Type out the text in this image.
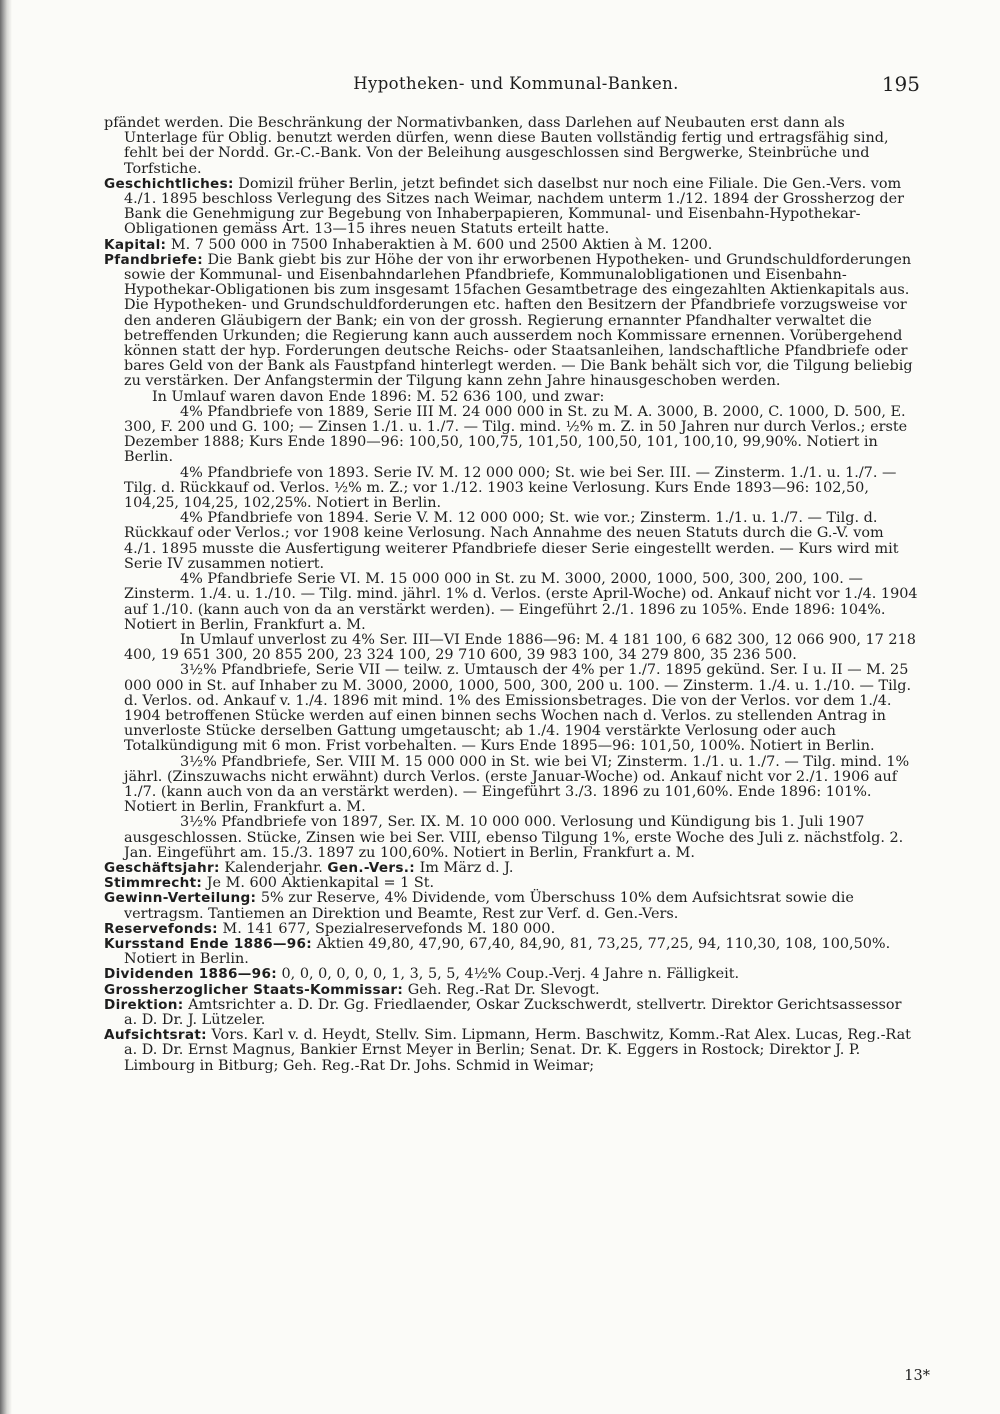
Hypotheken- und Kommunal-Banken.	195

pfändet werden. Die Beschränkung der Normativbanken, dass Darlehen auf Neubauten erst dann als Unterlage für Oblig. benutzt werden dürfen, wenn diese Bauten vollständig fertig und ertragsfähig sind, fehlt bei der Nordd. Gr.-C.-Bank. Von der Beleihung ausgeschlossen sind Bergwerke, Steinbrüche und Torfstiche.

Geschichtliches: Domizil früher Berlin, jetzt befindet sich daselbst nur noch eine Filiale. Die Gen.-Vers. vom 4./1. 1895 beschloss Verlegung des Sitzes nach Weimar, nachdem unterm 1./12. 1894 der Grossherzog der Bank die Genehmigung zur Begebung von Inhaberpapieren, Kommunal- und Eisenbahn-Hypothekar-Obligationen gemäss Art. 13—15 ihres neuen Statuts erteilt hatte.

Kapital: M. 7 500 000 in 7500 Inhaberaktien à M. 600 und 2500 Aktien à M. 1200.

Pfandbriefe: Die Bank giebt bis zur Höhe der von ihr erworbenen Hypotheken- und Grundschuldforderungen sowie der Kommunal- und Eisenbahndarlehen Pfandbriefe, Kommunalobligationen und Eisenbahn-Hypothekar-Obligationen bis zum insgesamt 15fachen Gesamtbetrage des eingezahlten Aktienkapitals aus. Die Hypotheken- und Grundschuldforderungen etc. haften den Besitzern der Pfandbriefe vorzugsweise vor den anderen Gläubigern der Bank; ein von der grossh. Regierung ernannter Pfandhalter verwaltet die betreffenden Urkunden; die Regierung kann auch ausserdem noch Kommissare ernennen. Vorübergehend können statt der hyp. Forderungen deutsche Reichs- oder Staatsanleihen, landschaftliche Pfandbriefe oder bares Geld von der Bank als Faustpfand hinterlegt werden. — Die Bank behält sich vor, die Tilgung beliebig zu verstärken. Der Anfangstermin der Tilgung kann zehn Jahre hinausgeschoben werden.

In Umlauf waren davon Ende 1896: M. 52 636 100, und zwar:

4% Pfandbriefe von 1889, Serie III M. 24 000 000 in St. zu M. A. 3000, B. 2000, C. 1000, D. 500, E. 300, F. 200 und G. 100; — Zinsen 1./1. u. 1./7. — Tilg. mind. ½% m. Z. in 50 Jahren nur durch Verlos.; erste Dezember 1888; Kurs Ende 1890—96: 100,50, 100,75, 101,50, 100,50, 101, 100,10, 99,90%. Notiert in Berlin.

4% Pfandbriefe von 1893. Serie IV. M. 12 000 000; St. wie bei Ser. III. — Zinsterm. 1./1. u. 1./7. — Tilg. d. Rückkauf od. Verlos. ½% m. Z.; vor 1./12. 1903 keine Verlosung. Kurs Ende 1893—96: 102,50, 104,25, 104,25, 102,25%. Notiert in Berlin.

4% Pfandbriefe von 1894. Serie V. M. 12 000 000; St. wie vor.; Zinsterm. 1./1. u. 1./7. — Tilg. d. Rückkauf oder Verlos.; vor 1908 keine Verlosung. Nach Annahme des neuen Statuts durch die G.-V. vom 4./1. 1895 musste die Ausfertigung weiterer Pfandbriefe dieser Serie eingestellt werden. — Kurs wird mit Serie IV zusammen notiert.

4% Pfandbriefe Serie VI. M. 15 000 000 in St. zu M. 3000, 2000, 1000, 500, 300, 200, 100. — Zinsterm. 1./4. u. 1./10. — Tilg. mind. jährl. 1% d. Verlos. (erste April-Woche) od. Ankauf nicht vor 1./4. 1904 auf 1./10. (kann auch von da an verstärkt werden). — Eingeführt 2./1. 1896 zu 105%. Ende 1896: 104%. Notiert in Berlin, Frankfurt a. M.

In Umlauf unverlost zu 4% Ser. III—VI Ende 1886—96: M. 4 181 100, 6 682 300, 12 066 900, 17 218 400, 19 651 300, 20 855 200, 23 324 100, 29 710 600, 39 983 100, 34 279 800, 35 236 500.

3½% Pfandbriefe, Serie VII — teilw. z. Umtausch der 4% per 1./7. 1895 gekünd. Ser. I u. II — M. 25 000 000 in St. auf Inhaber zu M. 3000, 2000, 1000, 500, 300, 200 u. 100. — Zinsterm. 1./4. u. 1./10. — Tilg. d. Verlos. od. Ankauf v. 1./4. 1896 mit mind. 1% des Emissionsbetrages. Die von der Verlos. vor dem 1./4. 1904 betroffenen Stücke werden auf einen binnen sechs Wochen nach d. Verlos. zu stellenden Antrag in unverloste Stücke derselben Gattung umgetauscht; ab 1./4. 1904 verstärkte Verlosung oder auch Totalkündigung mit 6 mon. Frist vorbehalten. — Kurs Ende 1895—96: 101,50, 100%. Notiert in Berlin.

3½% Pfandbriefe, Ser. VIII M. 15 000 000 in St. wie bei VI; Zinsterm. 1./1. u. 1./7. — Tilg. mind. 1% jährl. (Zinszuwachs nicht erwähnt) durch Verlos. (erste Januar-Woche) od. Ankauf nicht vor 2./1. 1906 auf 1./7. (kann auch von da an verstärkt werden). — Eingeführt 3./3. 1896 zu 101,60%. Ende 1896: 101%. Notiert in Berlin, Frankfurt a. M.

3½% Pfandbriefe von 1897, Ser. IX. M. 10 000 000. Verlosung und Kündigung bis 1. Juli 1907 ausgeschlossen. Stücke, Zinsen wie bei Ser. VIII, ebenso Tilgung 1%, erste Woche des Juli z. nächstfolg. 2. Jan. Eingeführt am. 15./3. 1897 zu 100,60%. Notiert in Berlin, Frankfurt a. M.

Geschäftsjahr: Kalenderjahr. Gen.-Vers.: Im März d. J.

Stimmrecht: Je M. 600 Aktienkapital = 1 St.

Gewinn-Verteilung: 5% zur Reserve, 4% Dividende, vom Überschuss 10% dem Aufsichtsrat sowie die vertragsm. Tantiemen an Direktion und Beamte, Rest zur Verf. d. Gen.-Vers.

Reservefonds: M. 141 677, Spezialreservefonds M. 180 000.

Kursstand Ende 1886—96: Aktien 49,80, 47,90, 67,40, 84,90, 81, 73,25, 77,25, 94, 110,30, 108, 100,50%. Notiert in Berlin.

Dividenden 1886—96: 0, 0, 0, 0, 0, 0, 1, 3, 5, 5, 4½% Coup.-Verj. 4 Jahre n. Fälligkeit.

Grossherzoglicher Staats-Kommissar: Geh. Reg.-Rat Dr. Slevogt.

Direktion: Amtsrichter a. D. Dr. Gg. Friedlaender, Oskar Zuckschwerdt, stellvertr. Direktor Gerichtsassessor a. D. Dr. J. Lützeler.

Aufsichtsrat: Vors. Karl v. d. Heydt, Stellv. Sim. Lipmann, Herm. Baschwitz, Komm.-Rat Alex. Lucas, Reg.-Rat a. D. Dr. Ernst Magnus, Bankier Ernst Meyer in Berlin; Senat. Dr. K. Eggers in Rostock; Direktor J. P. Limbourg in Bitburg; Geh. Reg.-Rat Dr. Johs. Schmid in Weimar;

13*
